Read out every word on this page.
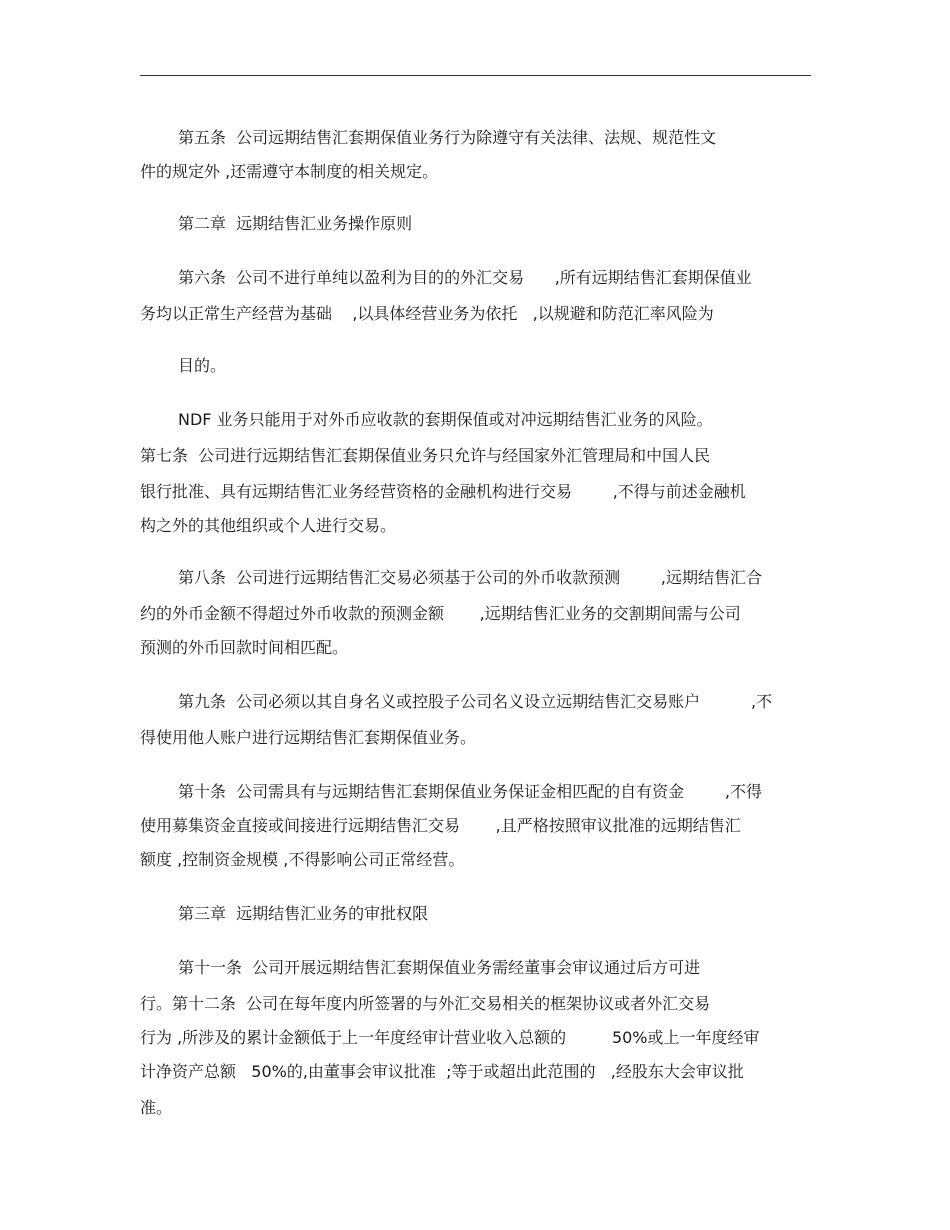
第五条  公司远期结售汇套期保值业务行为除遵守有关法律、法规、规范性文

件的规定外 ,还需遵守本制度的相关规定。

第二章  远期结售汇业务操作原则

第六条  公司不进行单纯以盈利为目的的外汇交易      ,所有远期结售汇套期保值业

务均以正常生产经营为基础    ,以具体经营业务为依托   ,以规避和防范汇率风险为

目的。

NDF 业务只能用于对外币应收款的套期保值或对冲远期结售汇业务的风险。

第七条  公司进行远期结售汇套期保值业务只允许与经国家外汇管理局和中国人民

银行批准、具有远期结售汇业务经营资格的金融机构进行交易        ,不得与前述金融机

构之外的其他组织或个人进行交易。

第八条  公司进行远期结售汇交易必须基于公司的外币收款预测        ,远期结售汇合

约的外币金额不得超过外币收款的预测金额       ,远期结售汇业务的交割期间需与公司

预测的外币回款时间相匹配。

第九条  公司必须以其自身名义或控股子公司名义设立远期结售汇交易账户          ,不

得使用他人账户进行远期结售汇套期保值业务。

第十条  公司需具有与远期结售汇套期保值业务保证金相匹配的自有资金        ,不得

使用募集资金直接或间接进行远期结售汇交易       ,且严格按照审议批准的远期结售汇

额度 ,控制资金规模 ,不得影响公司正常经营。

第三章  远期结售汇业务的审批权限

第十一条  公司开展远期结售汇套期保值业务需经董事会审议通过后方可进

行。第十二条  公司在每年度内所签署的与外汇交易相关的框架协议或者外汇交易

行为 ,所涉及的累计金额低于上一年度经审计营业收入总额的         50%或上一年度经审

计净资产总额   50%的,由董事会审议批准  ;等于或超出此范围的   ,经股东大会审议批

准。
